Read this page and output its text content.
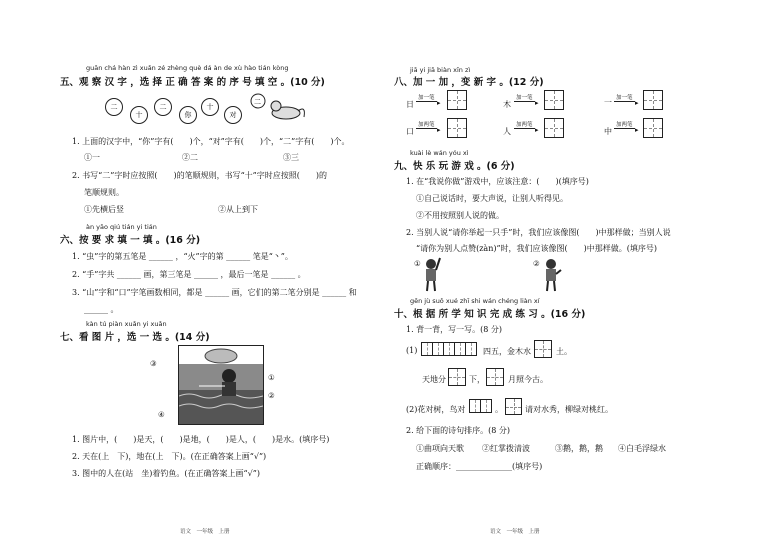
guān chá hàn zì xuǎn zé zhèng què dá àn de xù hào tián kòng
五、观 察 汉 字 ，选 择 正 确 答 案 的 序 号 填 空 。(10 分)
二
十
二
你
十
对
二
1. 上面的汉字中，“你”字有(　　)个，“对”字有(　　)个，“二”字有(　　)个。
①一	②二	③三
2. 书写“二”字时应按照(　　)的笔顺规则，书写“十”字时应按照(　　)的
笔顺规则。
①先横后竖	②从上到下
àn yāo qiú tián yi tián
六、按 要 求 填 一 填 。(16 分)
1. “虫”字的第五笔是 ______ ，“火”字的第 ______ 笔是“丶”。
2. “手”字共 ______ 画，第三笔是 ______ ，最后一笔是 ______ 。
3. “山”字和“口”字笔画数相同，都是 ______ 画，它们的第二笔分别是 ______ 和
______ 。
kàn tú piàn xuǎn yi xuǎn
七、看 图 片 ，选 一 选 。(14 分)
③
①
②
④
1. 图片中，(　　)是天，(　　)是地，(　　)是人，(　　)是水。(填序号)
2. 天在(上　下)，地在(上　下)。(在正确答案上画“√”)
3. 图中的人在(站　坐)着钓鱼。(在正确答案上画“√”)
语文　一年级　上册
jiā yi jiā biàn xīn zì
八、加 一 加 ，变 新 字 。(12 分)
日
加一笔 ▸
木
加一笔 ▸	一 加一笔 ▸
口
加两笔 ▸
人
加两笔 ▸
中
加两笔 ▸
kuài lè wán yóu xì
九、快 乐 玩 游 戏 。(6 分)
1. 在“我说你做”游戏中，应该注意：(　　)(填序号)
①自己说话时，要大声说，让别人听得见。
②不用按照别人说的做。
2. 当别人说“请你举起一只手”时，我们应该像图(　　)中那样做；当别人说
“请你为别人点赞(zàn)”时，我们应该像图(　　)中那样做。(填序号)
①	②
gēn jù suǒ xué zhī shi wán chéng liàn xí
十、根 据 所 学 知 识 完 成 练 习 。(16 分)
1. 背一背，写一写。(8 分)
(1)	四五，金木水	土。
天地分	下，	月照今古。
(2)花对树，鸟对	。	请对水秀，柳绿对桃红。
2. 给下面的诗句排序。(8 分)
①曲项向天歌 ②红掌拨清波	③鹅，鹅，鹅 ④白毛浮绿水
正确顺序：______________(填序号)
语文　一年级　上册
